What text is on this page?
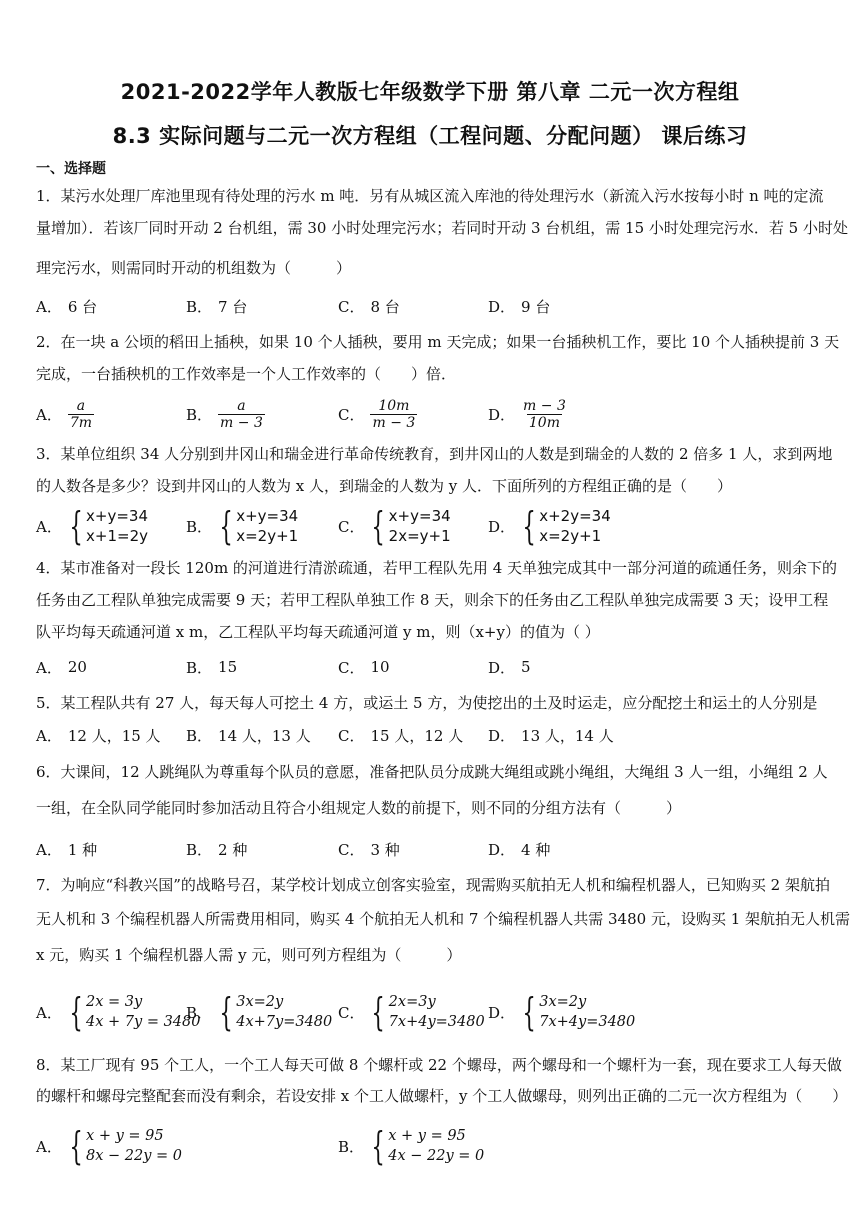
2021-2022学年人教版七年级数学下册 第八章 二元一次方程组
8.3 实际问题与二元一次方程组（工程问题、分配问题） 课后练习
一、选择题
1．某污水处理厂库池里现有待处理的污水 m 吨．另有从城区流入库池的待处理污水（新流入污水按每小时 n 吨的定流
量增加）．若该厂同时开动 2 台机组，需 30 小时处理完污水；若同时开动 3 台机组，需 15 小时处理完污水．若 5 小时处
理完污水，则需同时开动的机组数为（　　　）
A． 6 台	B． 7 台	C． 8 台	D． 9 台
2．在一块 a 公顷的稻田上插秧，如果 10 个人插秧，要用 m 天完成；如果一台插秧机工作，要比 10 个人插秧提前 3 天
完成，一台插秧机的工作效率是一个人工作效率的（　　）倍．
A． $\frac{a}{7m}$	B． $\frac{a}{m - 3}$	C． $\frac{10m}{m - 3}$	D． $\frac{m - 3}{10m}$
3．某单位组织 34 人分别到井冈山和瑞金进行革命传统教育，到井冈山的人数是到瑞金的人数的 2 倍多 1 人，求到两地
的人数各是多少？设到井冈山的人数为 x 人，到瑞金的人数为 y 人．下面所列的方程组正确的是（　　）
A． { x+y=34
x+1=2y
B． { x+y=34
x=2y+1
C． { x+y=34
2x=y+1
D． { x+2y=34
x=2y+1
4．某市准备对一段长 120m 的河道进行清淤疏通，若甲工程队先用 4 天单独完成其中一部分河道的疏通任务，则余下的
任务由乙工程队单独完成需要 9 天；若甲工程队单独工作 8 天，则余下的任务由乙工程队单独完成需要 3 天；设甲工程
队平均每天疏通河道 x m，乙工程队平均每天疏通河道 y m，则（x+y）的值为（ ）
A． 20	B． 15	C． 10	D． 5
5．某工程队共有 27 人，每天每人可挖土 4 方，或运土 5 方，为使挖出的土及时运走，应分配挖土和运土的人分别是
A． 12 人，15 人 B． 14 人，13 人 C． 15 人，12 人 D． 13 人，14 人
6．大课间，12 人跳绳队为尊重每个队员的意愿，准备把队员分成跳大绳组或跳小绳组，大绳组 3 人一组，小绳组 2 人
一组，在全队同学能同时参加活动且符合小组规定人数的前提下，则不同的分组方法有（　　　）
A． 1 种	B． 2 种	C． 3 种	D． 4 种
7．为响应“科教兴国”的战略号召，某学校计划成立创客实验室，现需购买航拍无人机和编程机器人，已知购买 2 架航拍
无人机和 3 个编程机器人所需费用相同，购买 4 个航拍无人机和 7 个编程机器人共需 3480 元，设购买 1 架航拍无人机需
x 元，购买 1 个编程机器人需 y 元，则可列方程组为（　　　）
A． { 2x = 3y
4x + 7y = 3480
B． { 3x=2y
4x+7y=3480
C． { 2x=3y
7x+4y=3480
D． { 3x=2y
7x+4y=3480
8．某工厂现有 95 个工人，一个工人每天可做 8 个螺杆或 22 个螺母，两个螺母和一个螺杆为一套，现在要求工人每天做
的螺杆和螺母完整配套而没有剩余，若设安排 x 个工人做螺杆，y 个工人做螺母，则列出正确的二元一次方程组为（　　）
A． { x + y = 95
8x − 22y = 0
B． { x + y = 95
4x − 22y = 0
